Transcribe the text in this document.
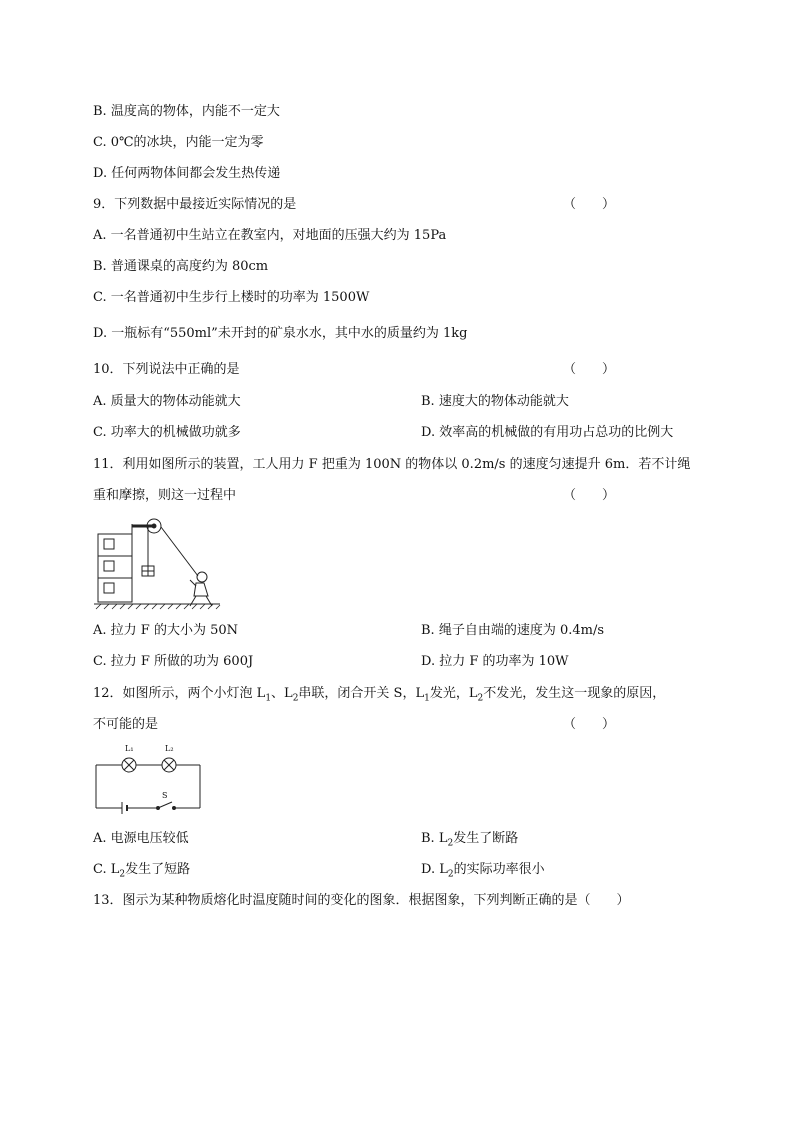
B. 温度高的物体，内能不一定大
C. 0℃的冰块，内能一定为零
D. 任何两物体间都会发生热传递
9．下列数据中最接近实际情况的是	（　　）
A. 一名普通初中生站立在教室内，对地面的压强大约为 15Pa
B. 普通课桌的高度约为 80cm
C. 一名普通初中生步行上楼时的功率为 1500W
D. 一瓶标有“550ml”未开封的矿泉水水，其中水的质量约为 1kg
10．下列说法中正确的是	（　　）
A. 质量大的物体动能就大	B. 速度大的物体动能就大
C. 功率大的机械做功就多	D. 效率高的机械做的有用功占总功的比例大
11．利用如图所示的装置，工人用力 F 把重为 100N 的物体以 0.2m/s 的速度匀速提升 6m．若不计绳
重和摩擦，则这一过程中	（　　）
A. 拉力 F 的大小为 50N	B. 绳子自由端的速度为 0.4m/s
C. 拉力 F 所做的功为 600J	D. 拉力 F 的功率为 10W
12．如图所示，两个小灯泡 $L_1$、$L_2$串联，闭合开关 S，$L_1$发光，$L_2$不发光，发生这一现象的原因，
不可能的是	（　　）
L₁	L₂
S
A. 电源电压较低	B. $L_2$发生了断路
C. $L_2$发生了短路	D. $L_2$的实际功率很小
13．图示为某种物质熔化时温度随时间的变化的图象．根据图象，下列判断正确的是（　　）
